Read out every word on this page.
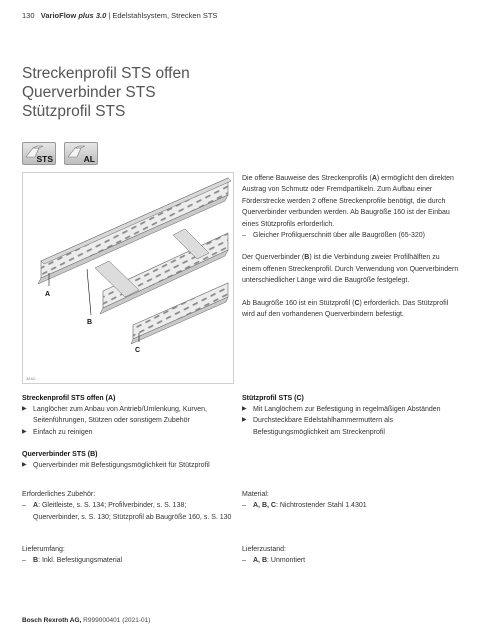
130 VarioFlow plus 3.0 | Edelstahlsystem, Strecken STS
Streckenprofil STS offen
Querverbinder STS
Stützprofil STS
STS	AL
A
B
C
3842…
Die offene Bauweise des Streckenprofils (A) ermöglicht den direkten Austrag von Schmutz oder Fremdpartikeln. Zum Aufbau einer Förderstrecke werden 2 offene Streckenprofile benötigt, die durch Querverbinder verbunden werden. Ab Baugröße 160 ist der Einbau eines Stützprofils erforderlich.
– Gleicher Profilquerschnitt über alle Baugrößen (65-320)
Der Querverbinder (B) ist die Verbindung zweier Profilhälften zu einem offenen Streckenprofil. Durch Verwendung von Querverbindern unterschiedlicher Länge wird die Baugröße festgelegt.
Ab Baugröße 160 ist ein Stützprofil (C) erforderlich. Das Stützprofil wird auf den vorhandenen Querverbindern befestigt.
Streckenprofil STS offen (A)
▶ Langlöcher zum Anbau von Antrieb/Umlenkung, Kurven, Seitenführungen, Stützen oder sonstigem Zubehör
▶ Einfach zu reinigen
Querverbinder STS (B)
▶ Querverbinder mit Befestigungsmöglichkeit für Stützprofil
Stützprofil STS (C)
▶ Mit Langlöchern zur Befestigung in regelmäßigen Abständen
▶ Durchsteckbare Edelstahlhammermuttern als Befestigungsmöglichkeit am Streckenprofil
Erforderliches Zubehör:
– A: Gleitleiste, s. S. 134; Profilverbinder, s. S. 138; Querverbinder, s. S. 130; Stützprofil ab Baugröße 160, s. S. 130
Material:
– A, B, C: Nichtrostender Stahl 1.4301
Lieferumfang:
– B: Inkl. Befestigungsmaterial
Lieferzustand:
– A, B: Unmontiert
Bosch Rexroth AG, R999000401 (2021-01)
